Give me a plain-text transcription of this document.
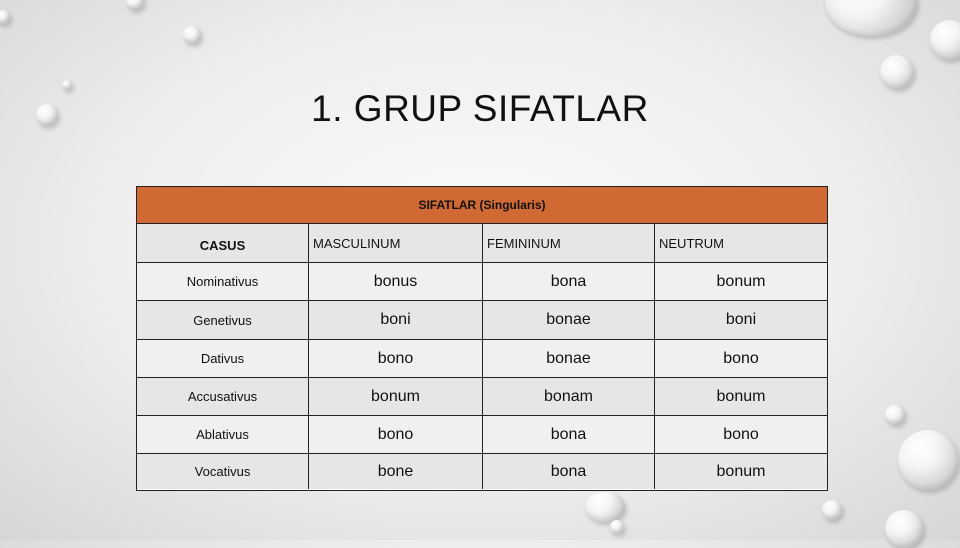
1. GRUP SIFATLAR
SIFATLAR (Singularis)
CASUS	MASCULINUM	FEMININUM	NEUTRUM
Nominativus	bonus	bona	bonum
Genetivus	boni	bonae	boni
Dativus	bono	bonae	bono
Accusativus	bonum	bonam	bonum
Ablativus	bono	bona	bono
Vocativus	bone	bona	bonum
